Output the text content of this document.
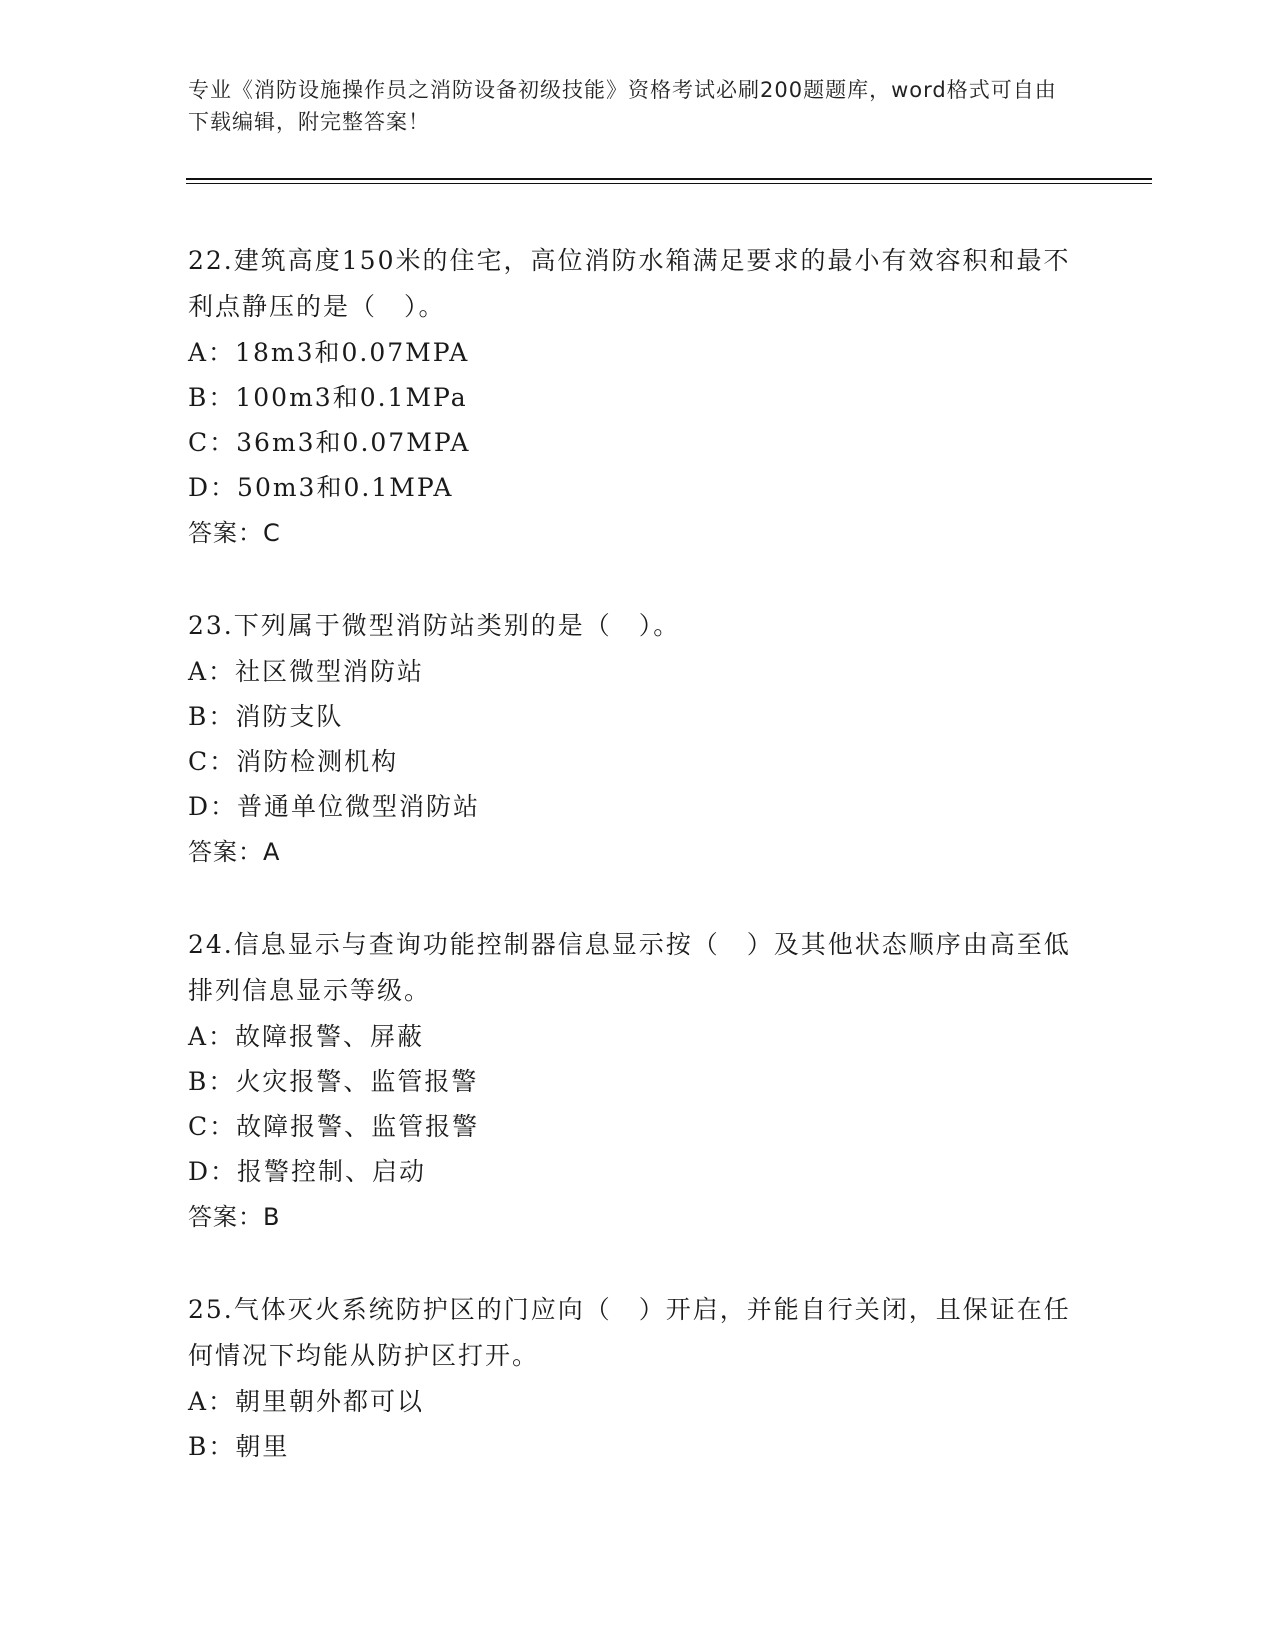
专业《消防设施操作员之消防设备初级技能》资格考试必刷200题题库，word格式可自由下载编辑，附完整答案！

22.建筑高度150米的住宅，高位消防水箱满足要求的最小有效容积和最不利点静压的是（　）。

A：18m3和0.07MPA

B：100m3和0.1MPa

C：36m3和0.07MPA

D：50m3和0.1MPA

答案：C

23.下列属于微型消防站类别的是（　）。

A：社区微型消防站

B：消防支队

C：消防检测机构

D：普通单位微型消防站

答案：A

24.信息显示与查询功能控制器信息显示按（　）及其他状态顺序由高至低排列信息显示等级。

A：故障报警、屏蔽

B：火灾报警、监管报警

C：故障报警、监管报警

D：报警控制、启动

答案：B

25.气体灭火系统防护区的门应向（　）开启，并能自行关闭，且保证在任何情况下均能从防护区打开。

A：朝里朝外都可以

B：朝里
